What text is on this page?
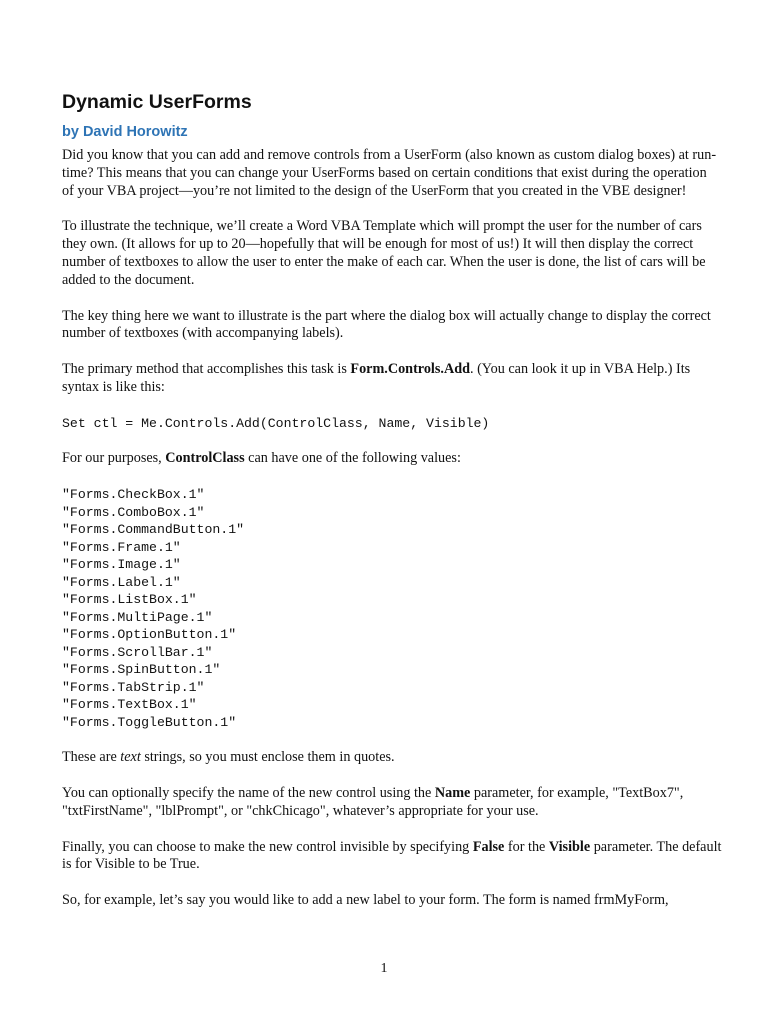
Dynamic UserForms
by David Horowitz

Did you know that you can add and remove controls from a UserForm (also known as custom dialog boxes) at run-time? This means that you can change your UserForms based on certain conditions that exist during the operation of your VBA project—you’re not limited to the design of the UserForm that you created in the VBE designer!

To illustrate the technique, we’ll create a Word VBA Template which will prompt the user for the number of cars they own. (It allows for up to 20—hopefully that will be enough for most of us!) It will then display the correct number of textboxes to allow the user to enter the make of each car. When the user is done, the list of cars will be added to the document.

The key thing here we want to illustrate is the part where the dialog box will actually change to display the correct number of textboxes (with accompanying labels).

The primary method that accomplishes this task is Form.Controls.Add. (You can look it up in VBA Help.) Its syntax is like this:

Set ctl = Me.Controls.Add(ControlClass, Name, Visible)

For our purposes, ControlClass can have one of the following values:

"Forms.CheckBox.1"
"Forms.ComboBox.1"
"Forms.CommandButton.1"
"Forms.Frame.1"
"Forms.Image.1"
"Forms.Label.1"
"Forms.ListBox.1"
"Forms.MultiPage.1"
"Forms.OptionButton.1"
"Forms.ScrollBar.1"
"Forms.SpinButton.1"
"Forms.TabStrip.1"
"Forms.TextBox.1"
"Forms.ToggleButton.1"

These are text strings, so you must enclose them in quotes.

You can optionally specify the name of the new control using the Name parameter, for example, "TextBox7", "txtFirstName", "lblPrompt", or "chkChicago", whatever’s appropriate for your use.

Finally, you can choose to make the new control invisible by specifying False for the Visible parameter. The default is for Visible to be True.

So, for example, let’s say you would like to add a new label to your form. The form is named frmMyForm,

1
